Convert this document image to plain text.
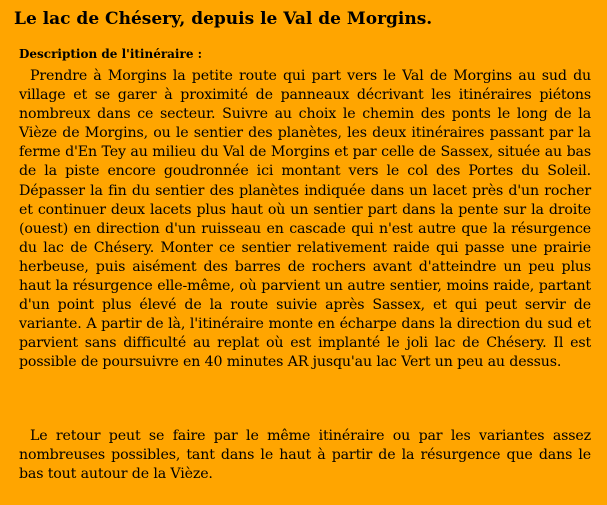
Le lac de Chésery, depuis le Val de Morgins.
Description de l'itinéraire :

Prendre à Morgins la petite route qui part vers le Val de Morgins au sud du village et se garer à proximité de panneaux décrivant les itinéraires piétons nombreux dans ce secteur. Suivre au choix le chemin des ponts le long de la Vièze de Morgins, ou le sentier des planètes, les deux itinéraires passant par la ferme d'En Tey au milieu du Val de Morgins et par celle de Sassex, située au bas de la piste encore goudronnée ici montant vers le col des Portes du Soleil. Dépasser la fin du sentier des planètes indiquée dans un lacet près d'un rocher et continuer deux lacets plus haut où un sentier part dans la pente sur la droite (ouest) en direction d'un ruisseau en cascade qui n'est autre que la résurgence du lac de Chésery. Monter ce sentier relativement raide qui passe une prairie herbeuse, puis aisément des barres de rochers avant d'atteindre un peu plus haut la résurgence elle-même, où parvient un autre sentier, moins raide, partant d'un point plus élevé de la route suivie après Sassex, et qui peut servir de variante. A partir de là, l'itinéraire monte en écharpe dans la direction du sud et parvient sans difficulté au replat où est implanté le joli lac de Chésery. Il est possible de poursuivre en 40 minutes AR jusqu'au lac Vert un peu au dessus.

Le retour peut se faire par le même itinéraire ou par les variantes assez nombreuses possibles, tant dans le haut à partir de la résurgence que dans le bas tout autour de la Vièze.
